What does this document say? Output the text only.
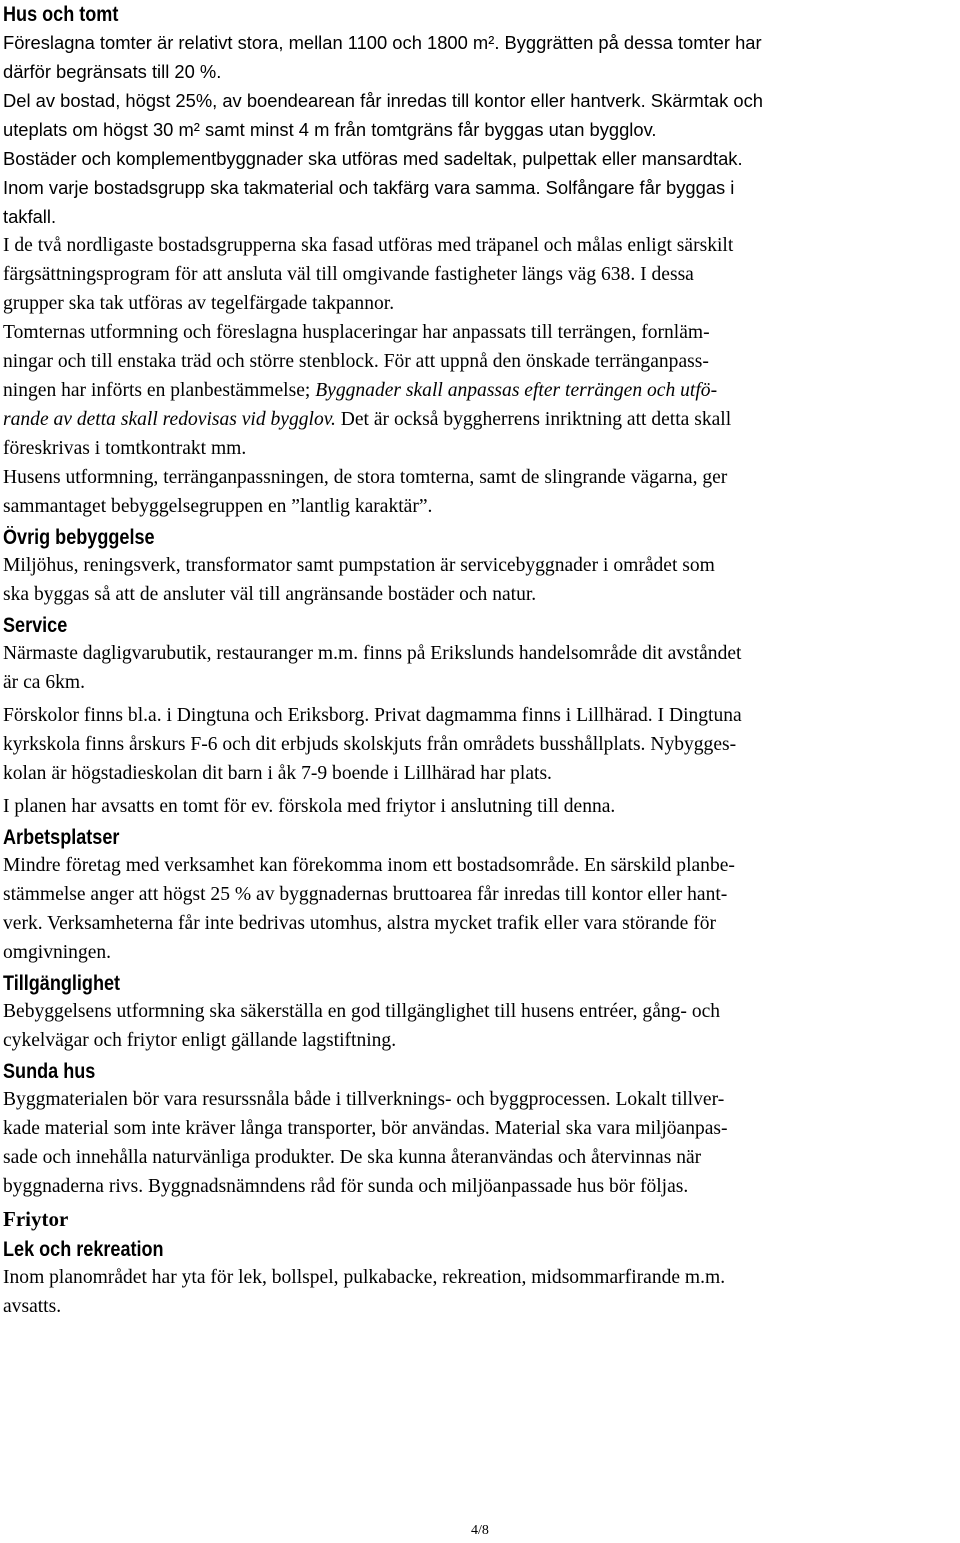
Hus och tomt
Föreslagna tomter är relativt stora, mellan 1100 och 1800 m². Byggrätten på dessa tomter har
därför begränsats till 20 %.
Del av bostad, högst 25%, av boendearean får inredas till kontor eller hantverk. Skärmtak och
uteplats om högst 30 m² samt minst 4 m från tomtgräns får byggas utan bygglov.
Bostäder och komplementbyggnader ska utföras med sadeltak, pulpettak eller mansardtak.
Inom varje bostadsgrupp ska takmaterial och takfärg vara samma. Solfångare får byggas i
takfall.
I de två nordligaste bostadsgrupperna ska fasad utföras med träpanel och målas enligt särskilt
färgsättningsprogram för att ansluta väl till omgivande fastigheter längs väg 638. I dessa
grupper ska tak utföras av tegelfärgade takpannor.
Tomternas utformning och föreslagna husplaceringar har anpassats till terrängen, fornläm-
ningar och till enstaka träd och större stenblock. För att uppnå den önskade terränganpass-
ningen har införts en planbestämmelse; Byggnader skall anpassas efter terrängen och utfö-
rande av detta skall redovisas vid bygglov. Det är också byggherrens inriktning att detta skall
föreskrivas i tomtkontrakt mm.
Husens utformning, terränganpassningen, de stora tomterna, samt de slingrande vägarna, ger
sammantaget bebyggelsegruppen en ”lantlig karaktär”.
Övrig bebyggelse
Miljöhus, reningsverk, transformator samt pumpstation är servicebyggnader i området som
ska byggas så att de ansluter väl till angränsande bostäder och natur.
Service
Närmaste dagligvarubutik, restauranger m.m. finns på Erikslunds handelsområde dit avståndet
är ca 6km.
Förskolor finns bl.a. i Dingtuna och Eriksborg. Privat dagmamma finns i Lillhärad. I Dingtuna
kyrkskola finns årskurs F-6 och dit erbjuds skolskjuts från områdets busshållplats. Nybygges-
kolan är högstadieskolan dit barn i åk 7-9 boende i Lillhärad har plats.
I planen har avsatts en tomt för ev. förskola med friytor i anslutning till denna.
Arbetsplatser
Mindre företag med verksamhet kan förekomma inom ett bostadsområde. En särskild planbe-
stämmelse anger att högst 25 % av byggnadernas bruttoarea får inredas till kontor eller hant-
verk. Verksamheterna får inte bedrivas utomhus, alstra mycket trafik eller vara störande för
omgivningen.
Tillgänglighet
Bebyggelsens utformning ska säkerställa en god tillgänglighet till husens entréer, gång- och
cykelvägar och friytor enligt gällande lagstiftning.
Sunda hus
Byggmaterialen bör vara resurssnåla både i tillverknings- och byggprocessen. Lokalt tillver-
kade material som inte kräver långa transporter, bör användas. Material ska vara miljöanpas-
sade och innehålla naturvänliga produkter. De ska kunna återanvändas och återvinnas när
byggnaderna rivs. Byggnadsnämndens råd för sunda och miljöanpassade hus bör följas.
Friytor
Lek och rekreation
Inom planområdet har yta för lek, bollspel, pulkabacke, rekreation, midsommarfirande m.m.
avsatts.
4/8
